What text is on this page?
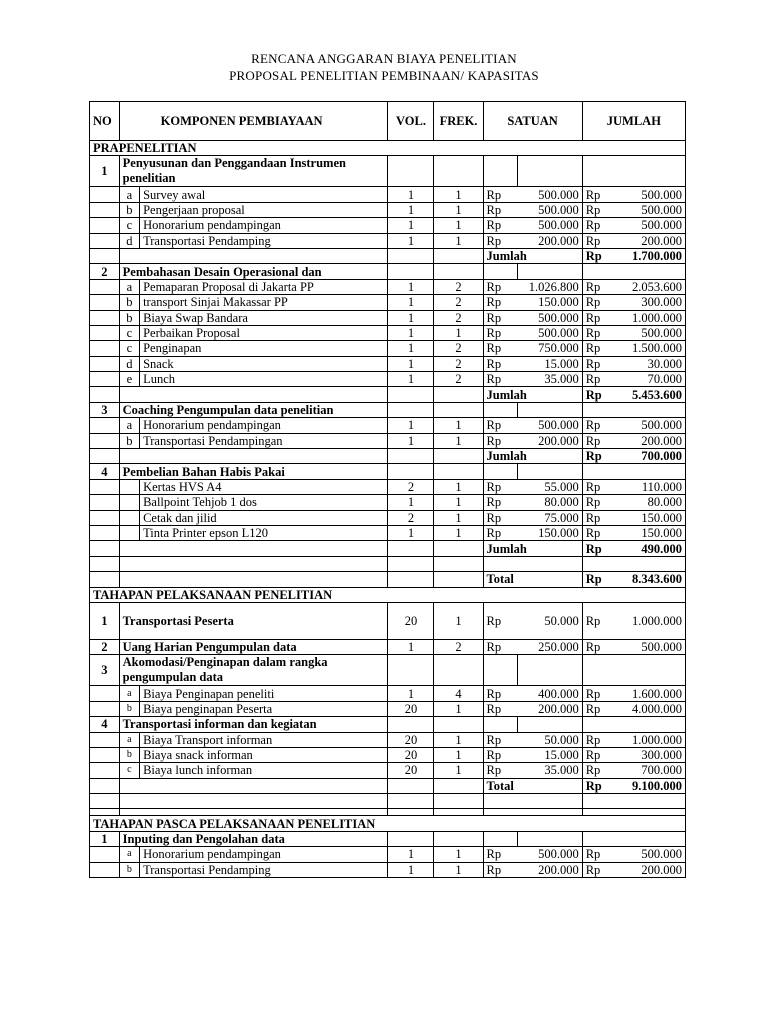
RENCANA ANGGARAN BIAYA PENELITIAN
PROPOSAL PENELITIAN PEMBINAAN/ KAPASITAS
NO	KOMPONEN PEMBIAYAAN		VOL.	FREK.	SATUAN		JUMLAH	
PRAPENELITIAN								
1	Penyusunan dan Penggandaan Instrumen penelitian							
	a	Survey awal	1	1	Rp	500.000	Rp	500.000
	b	Pengerjaan proposal	1	1	Rp	500.000	Rp	500.000
	c	Honorarium pendampingan	1	1	Rp	500.000	Rp	500.000
	d	Transportasi Pendamping	1	1	Rp	200.000	Rp	200.000
					Jumlah		Rp	1.700.000
2	Pembahasan Desain Operasional dan							
	a	Pemaparan Proposal di Jakarta PP	1	2	Rp	1.026.800	Rp	2.053.600
	b	transport Sinjai Makassar PP	1	2	Rp	150.000	Rp	300.000
	b	Biaya Swap Bandara	1	2	Rp	500.000	Rp	1.000.000
	c	Perbaikan Proposal	1	1	Rp	500.000	Rp	500.000
	c	Penginapan	1	2	Rp	750.000	Rp	1.500.000
	d	Snack	1	2	Rp	15.000	Rp	30.000
	e	Lunch	1	2	Rp	35.000	Rp	70.000
					Jumlah		Rp	5.453.600
3	Coaching Pengumpulan data penelitian							
	a	Honorarium pendampingan	1	1	Rp	500.000	Rp	500.000
	b	Transportasi Pendampingan	1	1	Rp	200.000	Rp	200.000
					Jumlah		Rp	700.000
4	Pembelian Bahan Habis Pakai							
		Kertas HVS A4	2	1	Rp	55.000	Rp	110.000
		Ballpoint Tehjob 1 dos	1	1	Rp	80.000	Rp	80.000
		Cetak dan jilid	2	1	Rp	75.000	Rp	150.000
		Tinta Printer epson L120	1	1	Rp	150.000	Rp	150.000
					Jumlah		Rp	490.000

					Total		Rp	8.343.600
TAHAPAN PELAKSANAAN PENELITIAN								
1	Transportasi Peserta		20	1	Rp	50.000	Rp	1.000.000
2	Uang Harian Pengumpulan data		1	2	Rp	250.000	Rp	500.000
3	Akomodasi/Penginapan dalam rangka pengumpulan data							
	a	Biaya Penginapan peneliti	1	4	Rp	400.000	Rp	1.600.000
	b	Biaya penginapan Peserta	20	1	Rp	200.000	Rp	4.000.000
4	Transportasi informan dan kegiatan							
	a	Biaya Transport informan	20	1	Rp	50.000	Rp	1.000.000
	b	Biaya snack informan	20	1	Rp	15.000	Rp	300.000
	c	Biaya lunch informan	20	1	Rp	35.000	Rp	700.000
					Total		Rp	9.100.000

TAHAPAN PASCA PELAKSANAAN PENELITIAN								
1	Inputing dan Pengolahan data							
	a	Honorarium pendampingan	1	1	Rp	500.000	Rp	500.000
	b	Transportasi Pendamping	1	1	Rp	200.000	Rp	200.000
